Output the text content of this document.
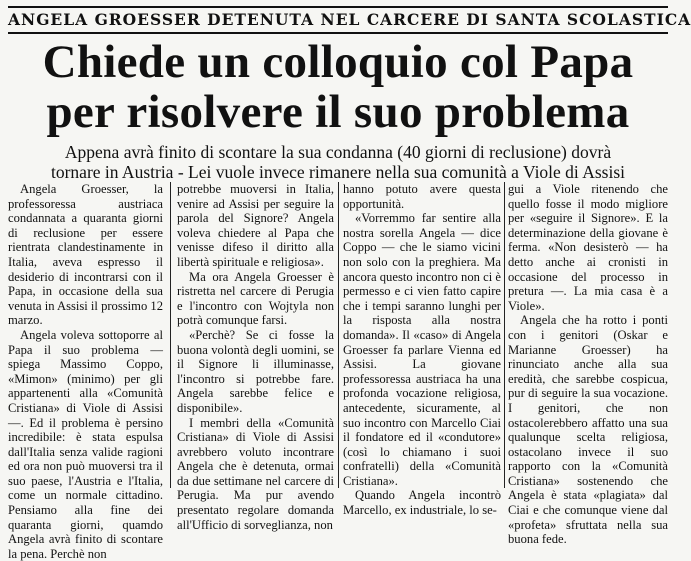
ANGELA GROESSER DETENUTA NEL CARCERE DI SANTA SCOLASTICA
Chiede un colloquio col Papa
per risolvere il suo problema
Appena avrà finito di scontare la sua condanna (40 giorni di reclusione) dovrà
tornare in Austria - Lei vuole invece rimanere nella sua comunità a Viole di Assisi

Angela Groesser, la professoressa austriaca condannata a quaranta giorni di reclusione per essere rientrata clandestinamente in Italia, aveva espresso il desiderio di incontrarsi con il Papa, in occasione della sua venuta in Assisi il prossimo 12 marzo.

Angela voleva sottoporre al Papa il suo problema — spiega Massimo Coppo, «Mimon» (minimo) per gli appartenenti alla «Comunità Cristiana» di Viole di Assisi —. Ed il problema è persino incredibile: è stata espulsa dall'Italia senza valide ragioni ed ora non può muoversi tra il suo paese, l'Austria e l'Italia, come un normale cittadino. Pensiamo alla fine dei quaranta giorni, quamdo Angela avrà finito di scontare la pena. Perchè non

potrebbe muoversi in Italia, venire ad Assisi per seguire la parola del Signore? Angela voleva chiedere al Papa che venisse difeso il diritto alla libertà spirituale e religiosa».

Ma ora Angela Groesser è ristretta nel carcere di Perugia e l'incontro con Wojtyla non potrà comunque farsi.

«Perchè? Se ci fosse la buona volontà degli uomini, se il Signore li illuminasse, l'incontro si potrebbe fare. Angela sarebbe felice e disponibile».

I membri della «Comunità Cristiana» di Viole di Assisi avrebbero voluto incontrare Angela che è detenuta, ormai da due settimane nel carcere di Perugia. Ma pur avendo presentato regolare domanda all'Ufficio di sorveglianza, non

hanno potuto avere questa opportunità.

«Vorremmo far sentire alla nostra sorella Angela — dice Coppo — che le siamo vicini non solo con la preghiera. Ma ancora questo incontro non ci è permesso e ci vien fatto capire che i tempi saranno lunghi per la risposta alla nostra domanda». Il «caso» di Angela Groesser fa parlare Vienna ed Assisi. La giovane professoressa austriaca ha una profonda vocazione religiosa, antecedente, sicuramente, al suo incontro con Marcello Ciai il fondatore ed il «condutore» (così lo chiamano i suoi confratelli) della «Comunità Cristiana».

Quando Angela incontrò Marcello, ex industriale, lo se-

gui a Viole ritenendo che quello fosse il modo migliore per «seguire il Signore». E la determinazione della giovane è ferma. «Non desisterò — ha detto anche ai cronisti in occasione del processo in pretura —. La mia casa è a Viole».

Angela che ha rotto i ponti con i genitori (Oskar e Marianne Groesser) ha rinunciato anche alla sua eredità, che sarebbe cospicua, pur di seguire la sua vocazione. I genitori, che non ostacolerebbero affatto una sua qualunque scelta religiosa, ostacolano invece il suo rapporto con la «Comunità Cristiana» sostenendo che Angela è stata «plagiata» dal Ciai e che comunque viene dal «profeta» sfruttata nella sua buona fede.
